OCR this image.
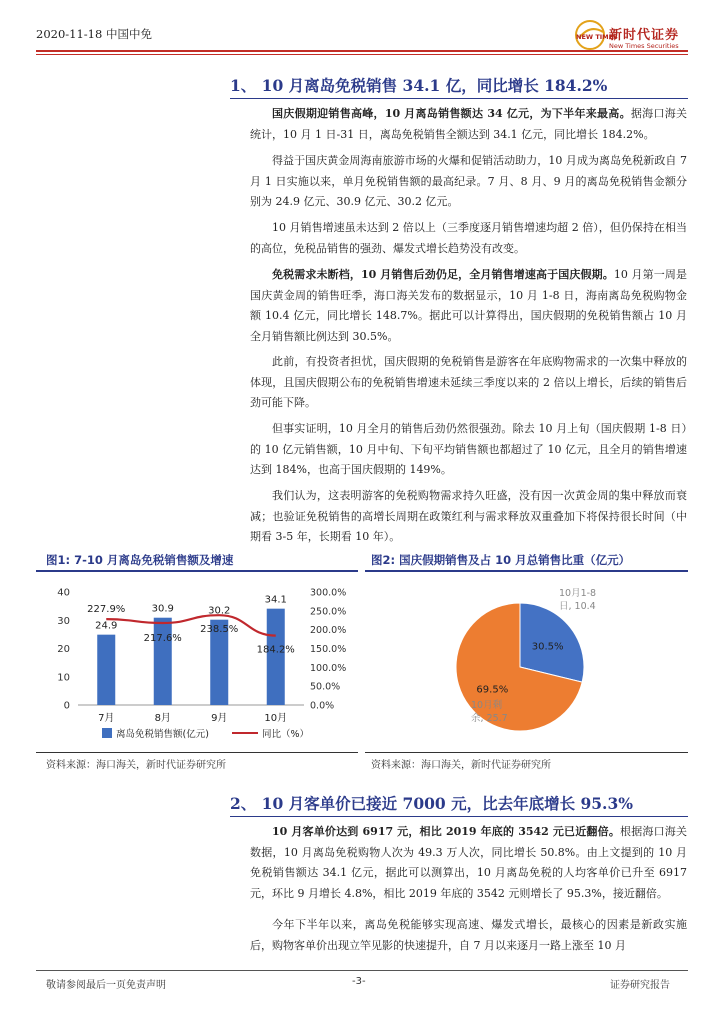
2020-11-18 中国中免	NEW TIMES
新时代证券
New Times Securities
1、 10 月离岛免税销售 34.1 亿，同比增长 184.2%
国庆假期迎销售高峰，10 月离岛销售额达 34 亿元，为下半年来最高。据海口海关统计，10 月 1 日-31 日，离岛免税销售全额达到 34.1 亿元，同比增长 184.2%。
得益于国庆黄金周海南旅游市场的火爆和促销活动助力，10 月成为离岛免税新政自 7 月 1 日实施以来，单月免税销售额的最高纪录。7 月、8 月、9 月的离岛免税销售金额分别为 24.9 亿元、30.9 亿元、30.2 亿元。
10 月销售增速虽未达到 2 倍以上（三季度逐月销售增速均超 2 倍），但仍保持在相当的高位，免税品销售的强劲、爆发式增长趋势没有改变。
免税需求未断档，10 月销售后劲仍足，全月销售增速高于国庆假期。10 月第一周是国庆黄金周的销售旺季，海口海关发布的数据显示，10 月 1-8 日，海南离岛免税购物金额 10.4 亿元，同比增长 148.7%。据此可以计算得出，国庆假期的免税销售额占 10 月全月销售额比例达到 30.5%。
此前，有投资者担忧，国庆假期的免税销售是游客在年底购物需求的一次集中释放的体现，且国庆假期公布的免税销售增速未延续三季度以来的 2 倍以上增长，后续的销售后劲可能下降。
但事实证明，10 月全月的销售后劲仍然很强劲。除去 10 月上旬（国庆假期 1-8 日）的 10 亿元销售额，10 月中旬、下旬平均销售额也都超过了 10 亿元，且全月的销售增速达到 184%，也高于国庆假期的 149%。
我们认为，这表明游客的免税购物需求持久旺盛，没有因一次黄金周的集中释放而衰减；也验证免税销售的高增长周期在政策红利与需求释放双重叠加下将保持很长时间（中期看 3-5 年，长期看 10 年）。
图1: 7-10 月离岛免税销售额及增速	图2: 国庆假期销售及占 10 月总销售比重（亿元）
0
10
20
30
40
0.0%
50.0%
100.0%
150.0%
200.0%
250.0%
300.0%
24.9
30.9	30.2
34.1
7月	8月	9月	10月
227.9%
217.6%
238.5%
184.2%
离岛免税销售额(亿元)	同比（%）
30.5%
69.5%
10月1-8
日, 10.4
10月剩
余, 25.7
资料来源：海口海关，新时代证券研究所	资料来源：海口海关，新时代证券研究所
2、 10 月客单价已接近 7000 元，比去年底增长 95.3%
10 月客单价达到 6917 元，相比 2019 年底的 3542 元已近翻倍。根据海口海关数据，10 月离岛免税购物人次为 49.3 万人次，同比增长 50.8%。由上文提到的 10 月免税销售额达 34.1 亿元，据此可以测算出，10 月离岛免税的人均客单价已升至 6917 元，环比 9 月增长 4.8%，相比 2019 年底的 3542 元则增长了 95.3%，接近翻倍。
今年下半年以来，离岛免税能够实现高速、爆发式增长，最核心的因素是新政实施后，购物客单价出现立竿见影的快速提升，自 7 月以来逐月一路上涨至 10 月
敬请参阅最后一页免责声明	-3-	证券研究报告
